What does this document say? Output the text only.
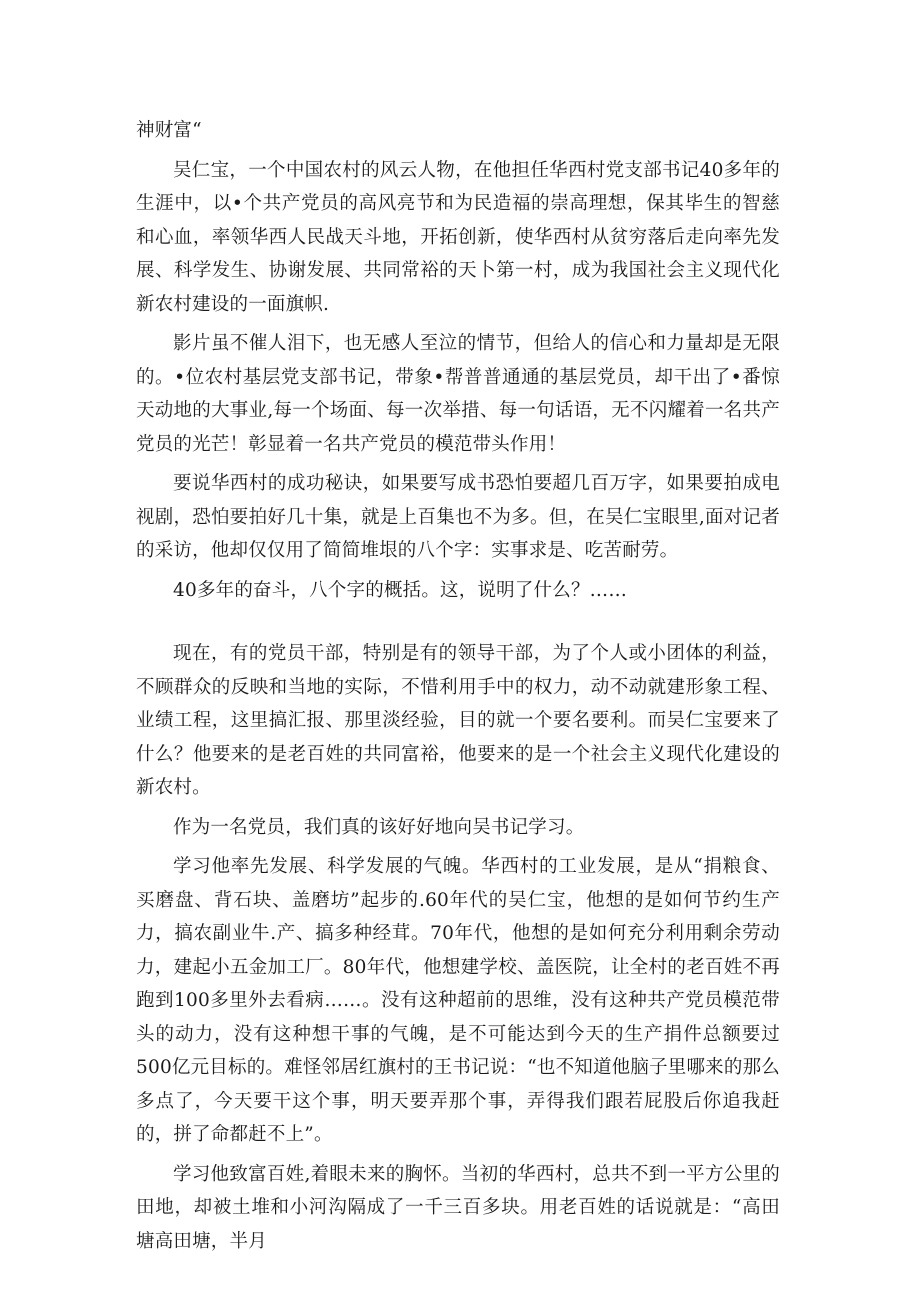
神财富“

吴仁宝，一个中国农村的风云人物，在他担任华西村党支部书记40多年的生涯中，以•个共产党员的高风亮节和为民造福的崇高理想，保其毕生的智慈和心血，率领华西人民战天斗地，开拓创新，使华西村从贫穷落后走向率先发展、科学发生、协谢发展、共同常裕的天卜第一村，成为我国社会主义现代化新农村建设的一面旗帜.

影片虽不催人泪下，也无感人至泣的情节，但给人的信心和力量却是无限的。•位农村基层党支部书记，带象•帮普普通通的基层党员，却干出了•番惊天动地的大事业,每一个场面、每一次举措、每一句话语，无不闪耀着一名共产党员的光芒！彰显着一名共产党员的模范带头作用！

要说华西村的成功秘诀，如果要写成书恐怕要超几百万字，如果要拍成电视剧，恐怕要拍好几十集，就是上百集也不为多。但，在吴仁宝眼里,面对记者的采访，他却仅仅用了简简堆垠的八个字：实事求是、吃苦耐劳。

40多年的奋斗，八个字的概括。这，说明了什么？……

现在，有的党员干部，特别是有的领导干部，为了个人或小团体的利益，不顾群众的反映和当地的实际，不惜利用手中的权力，动不动就建形象工程、业绩工程，这里搞汇报、那里淡经验，目的就一个要名要利。而吴仁宝要来了什么？他要来的是老百姓的共同富裕，他要来的是一个社会主义现代化建设的新农村。

作为一名党员，我们真的该好好地向吴书记学习。

学习他率先发展、科学发展的气魄。华西村的工业发展，是从“捐粮食、买磨盘、背石块、盖磨坊”起步的.60年代的吴仁宝，他想的是如何节约生产力，搞农副业牛.产、搞多种经茸。70年代，他想的是如何充分利用剩余劳动力，建起小五金加工厂。80年代，他想建学校、盖医院，让全村的老百姓不再跑到100多里外去看病……。没有这种超前的思维，没有这种共产党员模范带头的动力，没有这种想干事的气魄，是不可能达到今天的生产捐件总额要过500亿元目标的。难怪邻居红旗村的王书记说：“也不知道他脑子里哪来的那么多点了，今天要干这个事，明天要弄那个事，弄得我们跟若屁股后你追我赶的，拼了命都赶不上”。

学习他致富百姓,着眼未来的胸怀。当初的华西村，总共不到一平方公里的田地，却被土堆和小河沟隔成了一千三百多块。用老百姓的话说就是：“高田塘高田塘，半月
